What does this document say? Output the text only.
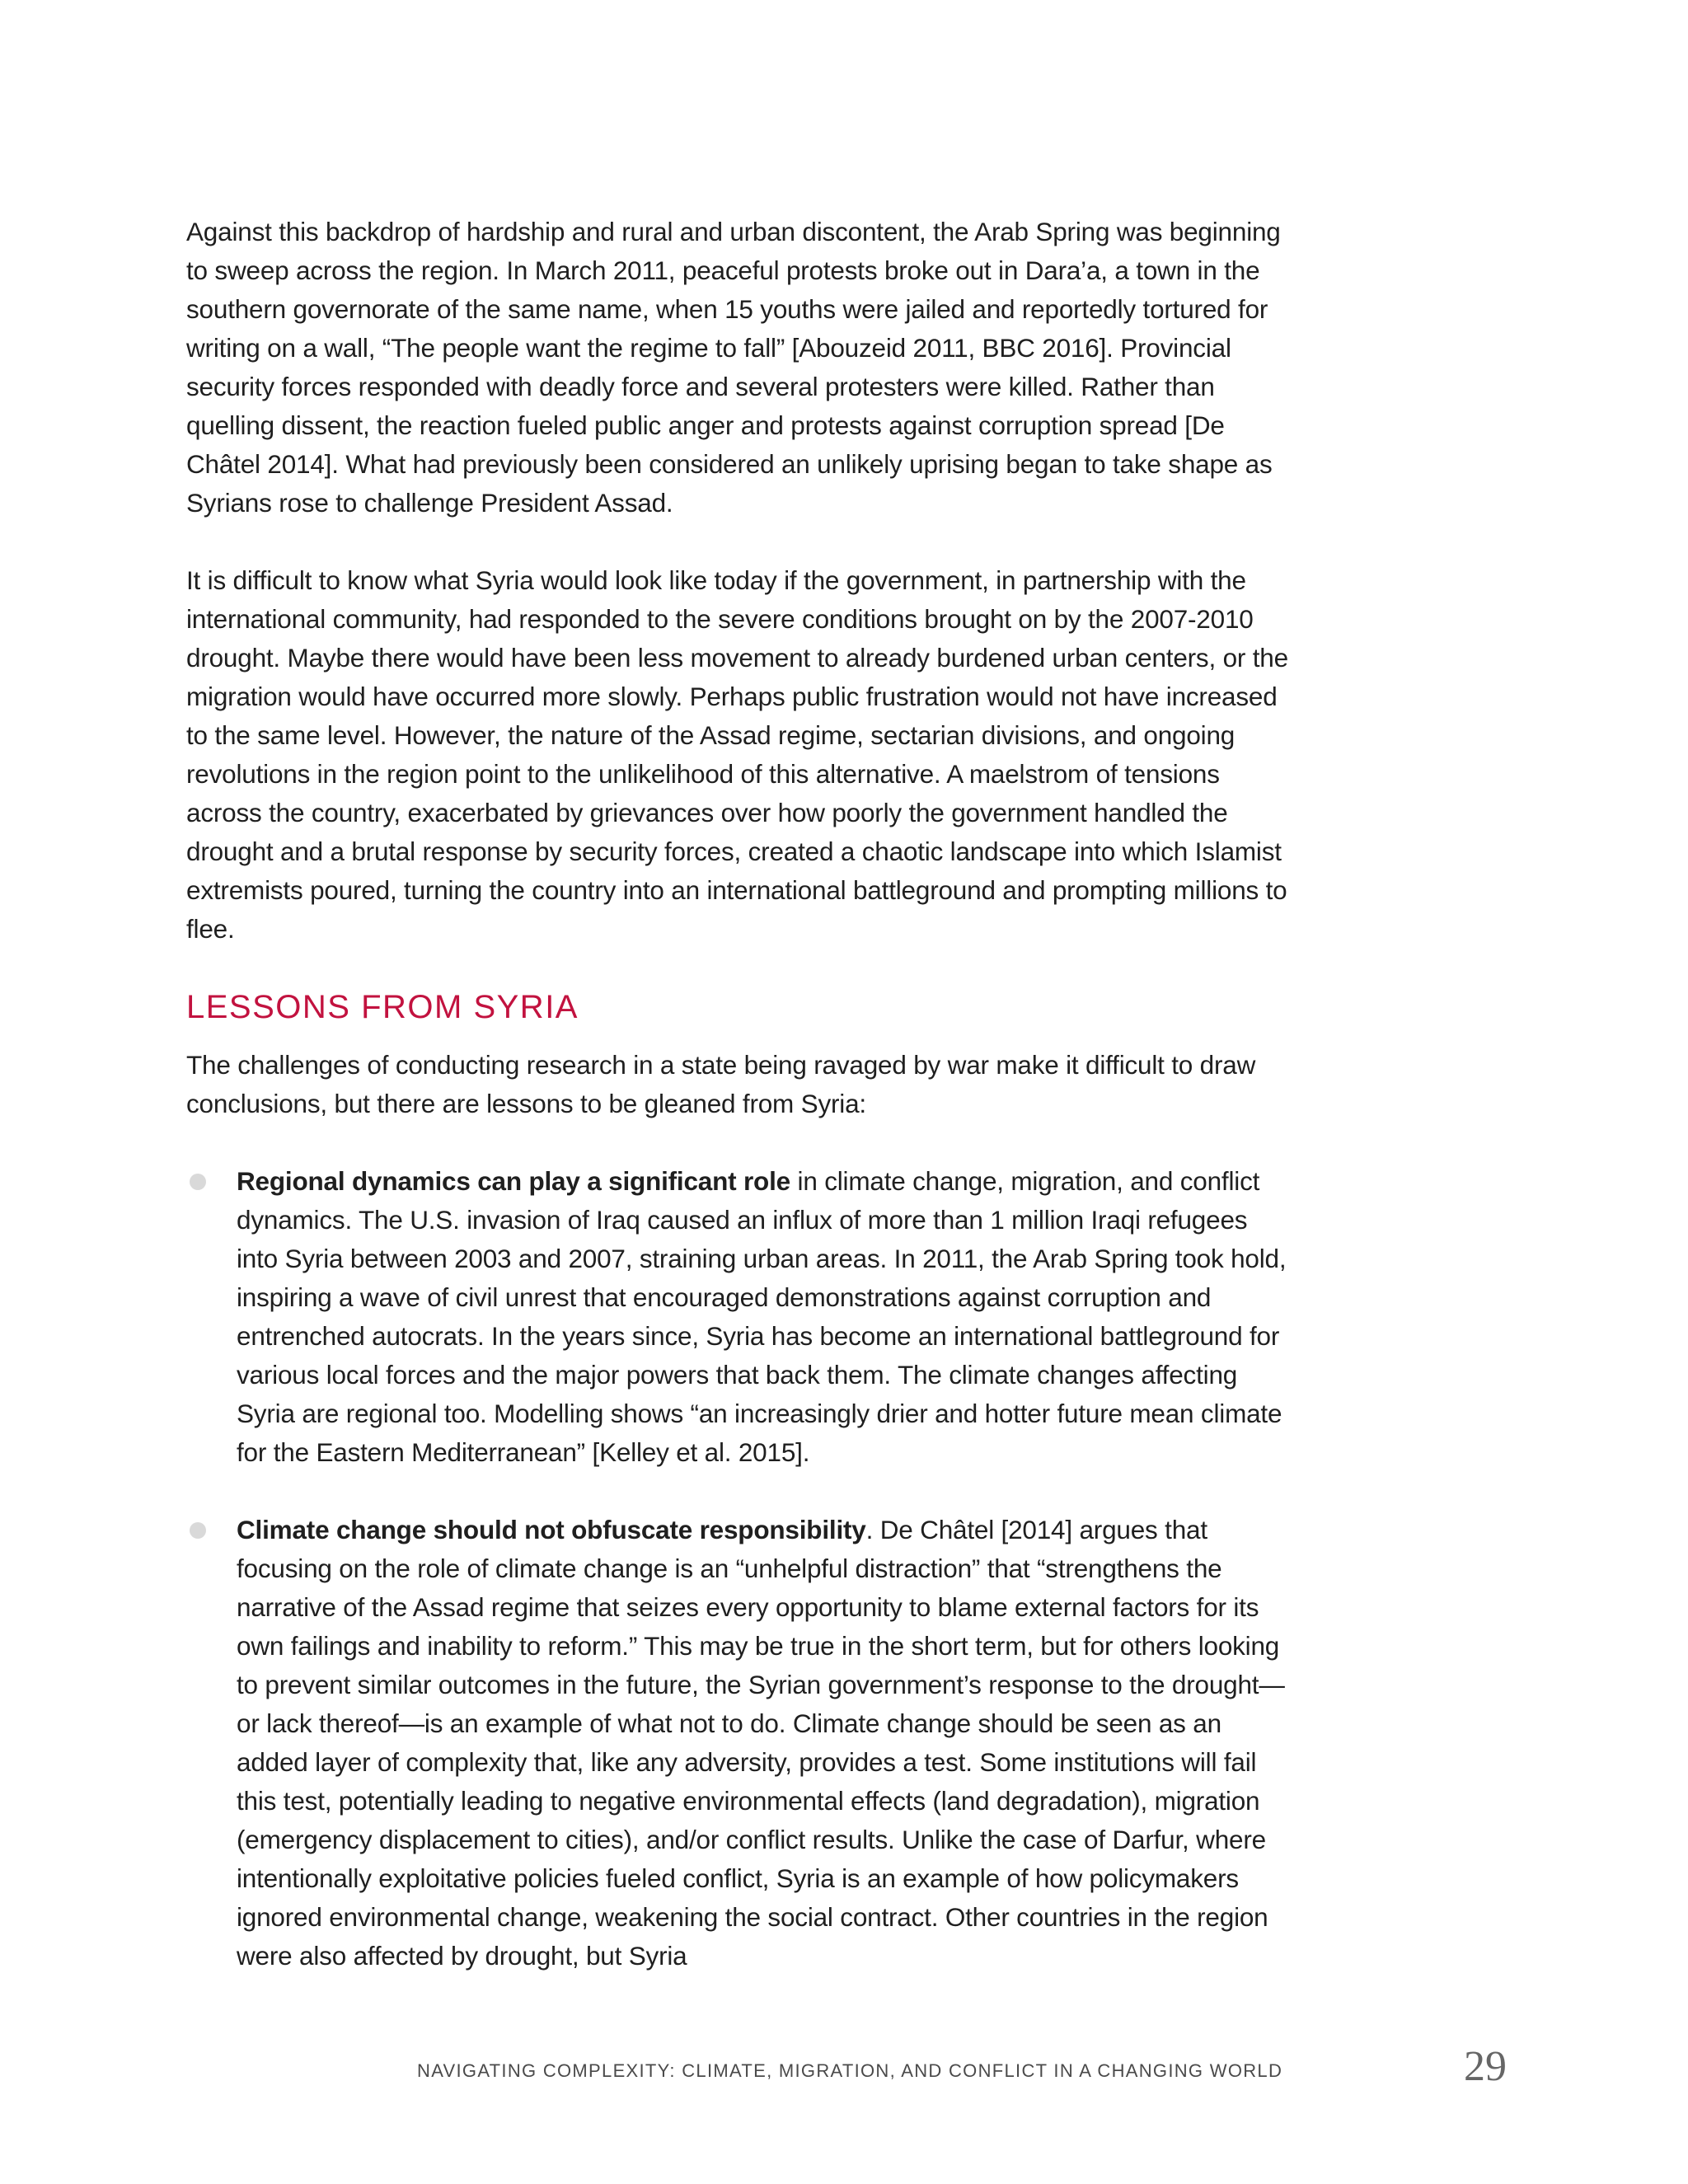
Against this backdrop of hardship and rural and urban discontent, the Arab Spring was beginning to sweep across the region. In March 2011, peaceful protests broke out in Dara’a, a town in the southern governorate of the same name, when 15 youths were jailed and reportedly tortured for writing on a wall, “The people want the regime to fall” [Abouzeid 2011, BBC 2016]. Provincial security forces responded with deadly force and several protesters were killed. Rather than quelling dissent, the reaction fueled public anger and protests against corruption spread [De Châtel 2014]. What had previously been considered an unlikely uprising began to take shape as Syrians rose to challenge President Assad.

It is difficult to know what Syria would look like today if the government, in partnership with the international community, had responded to the severe conditions brought on by the 2007-2010 drought. Maybe there would have been less movement to already burdened urban centers, or the migration would have occurred more slowly. Perhaps public frustration would not have increased to the same level. However, the nature of the Assad regime, sectarian divisions, and ongoing revolutions in the region point to the unlikelihood of this alternative. A maelstrom of tensions across the country, exacerbated by grievances over how poorly the government handled the drought and a brutal response by security forces, created a chaotic landscape into which Islamist extremists poured, turning the country into an international battleground and prompting millions to flee.

LESSONS FROM SYRIA

The challenges of conducting research in a state being ravaged by war make it difficult to draw conclusions, but there are lessons to be gleaned from Syria:

Regional dynamics can play a significant role in climate change, migration, and conflict dynamics. The U.S. invasion of Iraq caused an influx of more than 1 million Iraqi refugees into Syria between 2003 and 2007, straining urban areas. In 2011, the Arab Spring took hold, inspiring a wave of civil unrest that encouraged demonstrations against corruption and entrenched autocrats. In the years since, Syria has become an international battleground for various local forces and the major powers that back them. The climate changes affecting Syria are regional too. Modelling shows “an increasingly drier and hotter future mean climate for the Eastern Mediterranean” [Kelley et al. 2015].
Climate change should not obfuscate responsibility. De Châtel [2014] argues that focusing on the role of climate change is an “unhelpful distraction” that “strengthens the narrative of the Assad regime that seizes every opportunity to blame external factors for its own failings and inability to reform.” This may be true in the short term, but for others looking to prevent similar outcomes in the future, the Syrian government’s response to the drought—or lack thereof—is an example of what not to do. Climate change should be seen as an added layer of complexity that, like any adversity, provides a test. Some institutions will fail this test, potentially leading to negative environmental effects (land degradation), migration (emergency displacement to cities), and/or conflict results. Unlike the case of Darfur, where intentionally exploitative policies fueled conflict, Syria is an example of how policymakers ignored environmental change, weakening the social contract. Other countries in the region were also affected by drought, but Syria
NAVIGATING COMPLEXITY: CLIMATE, MIGRATION, AND CONFLICT IN A CHANGING WORLD	29
